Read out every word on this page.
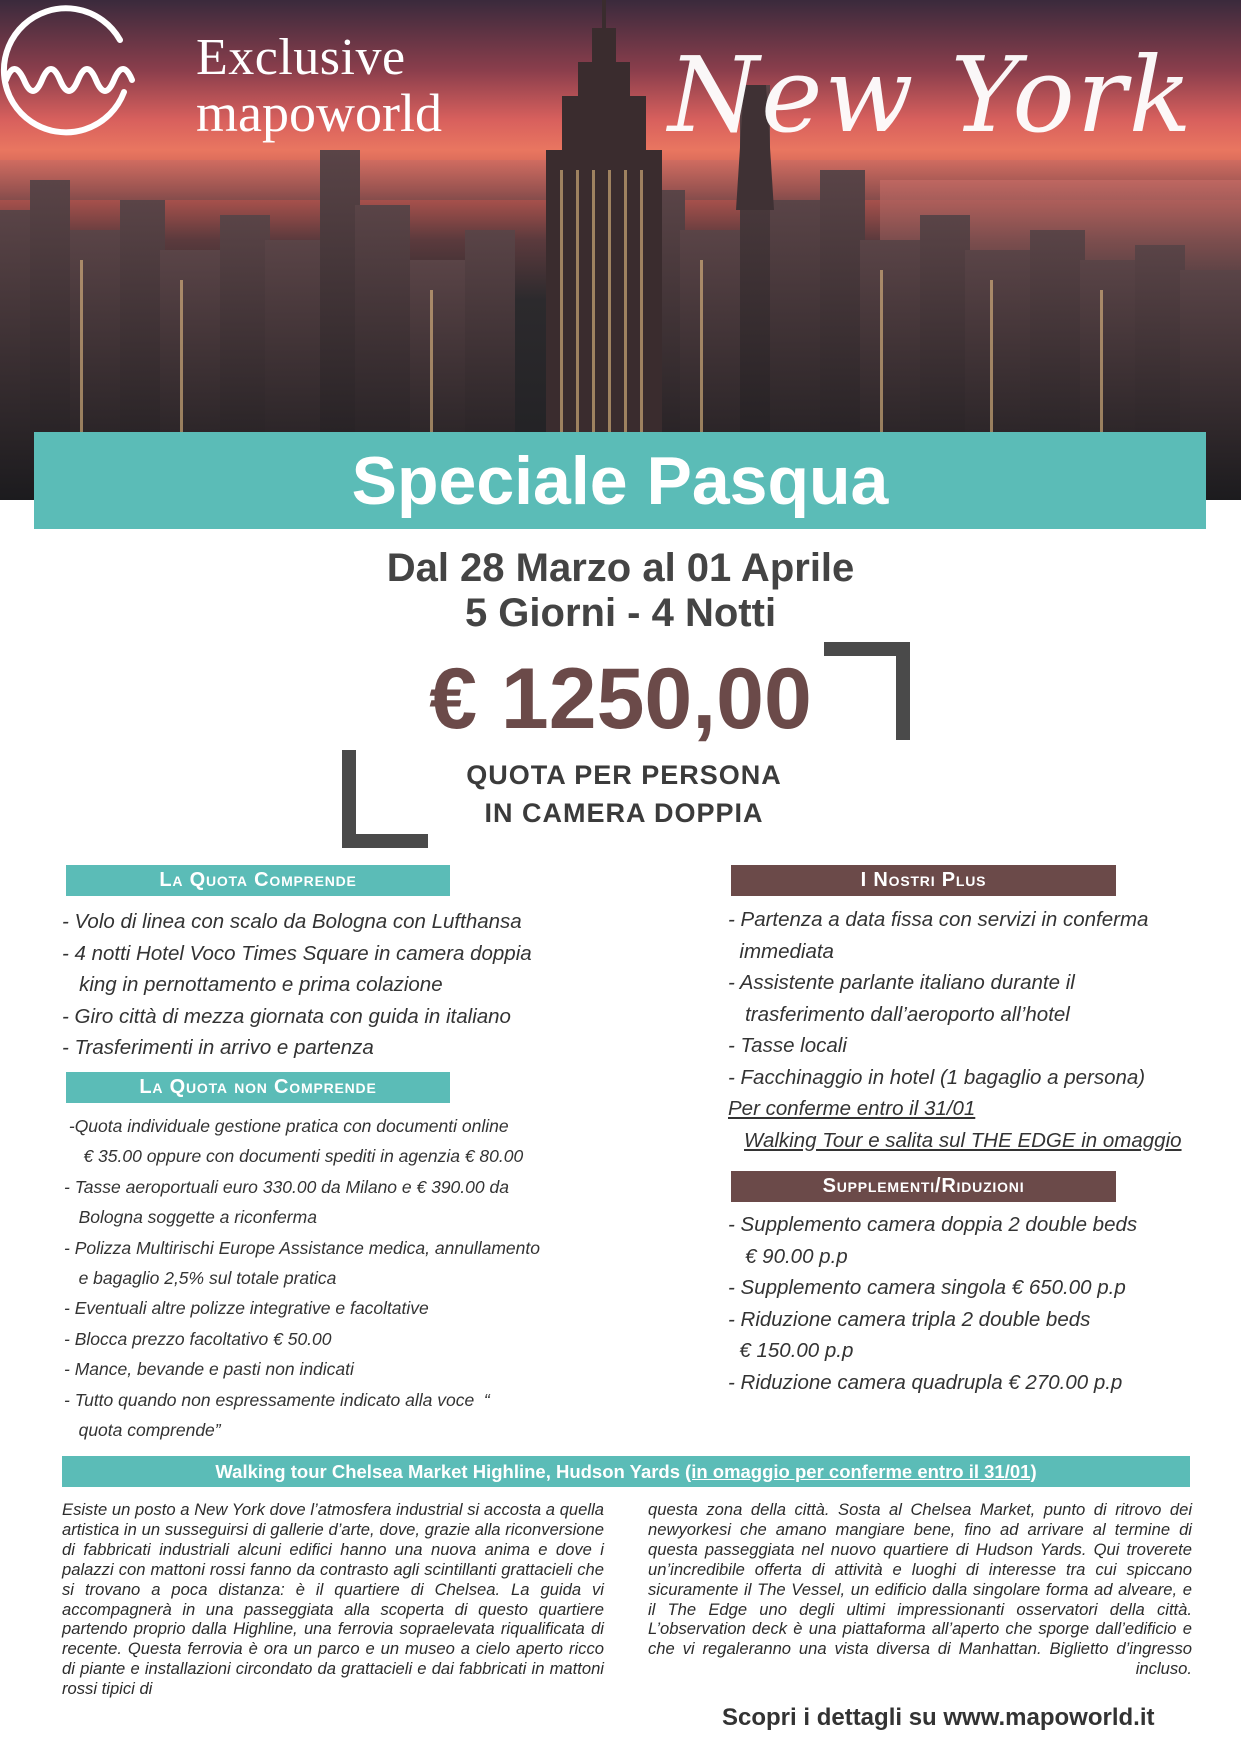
Exclusive
mapoworld New York
Speciale Pasqua
Dal 28 Marzo al 01 Aprile
5 Giorni - 4 Notti
€ 1250,00
QUOTA PER PERSONA
IN CAMERA DOPPIA
La Quota Comprende
- Volo di linea con scalo da Bologna con Lufthansa
- 4 notti Hotel Voco Times Square in camera doppia
king in pernottamento e prima colazione
- Giro città di mezza giornata con guida in italiano
- Trasferimenti in arrivo e partenza
La Quota non Comprende
-Quota individuale gestione pratica con documenti online
€ 35.00 oppure con documenti spediti in agenzia € 80.00
- Tasse aeroportuali euro 330.00 da Milano e € 390.00 da
Bologna soggette a riconferma
- Polizza Multirischi Europe Assistance medica, annullamento
e bagaglio 2,5% sul totale pratica
- Eventuali altre polizze integrative e facoltative
- Blocca prezzo facoltativo € 50.00
- Mance, bevande e pasti non indicati
- Tutto quando non espressamente indicato alla voce  “
quota comprende”
I Nostri Plus
- Partenza a data fissa con servizi in conferma
immediata
- Assistente parlante italiano durante il
trasferimento dall’aeroporto all’hotel
- Tasse locali
- Facchinaggio in hotel (1 bagaglio a persona)
Per conferme entro il 31/01
Walking Tour e salita sul THE EDGE in omaggio
Supplementi/Riduzioni
- Supplemento camera doppia 2 double beds
€ 90.00 p.p
- Supplemento camera singola € 650.00 p.p
- Riduzione camera tripla 2 double beds
€ 150.00 p.p
- Riduzione camera quadrupla € 270.00 p.p
Walking tour Chelsea Market Highline, Hudson Yards (in omaggio per conferme entro il 31/01)

Esiste un posto a New York dove l’atmosfera industrial si accosta a quella artistica in un susseguirsi di gallerie d’arte, dove, grazie alla riconversione di fabbricati industriali alcuni edifici hanno una nuova anima e dove i palazzi con mattoni rossi fanno da contrasto agli scintillanti grattacieli che si trovano a poca distanza: è il quartiere di Chelsea. La guida vi accompagnerà in una passeggiata alla scoperta di questo quartiere partendo proprio dalla Highline, una ferrovia sopraelevata riqualificata di recente. Questa ferrovia è ora un parco e un museo a cielo aperto ricco di piante e installazioni circondato da grattacieli e dai fabbricati in mattoni rossi tipici di

questa zona della città. Sosta al Chelsea Market, punto di ritrovo dei newyorkesi che amano mangiare bene, fino ad arrivare al termine di questa passeggiata nel nuovo quartiere di Hudson Yards. Qui troverete un’incredibile offerta di attività e luoghi di interesse tra cui spiccano sicuramente il The Vessel, un edificio dalla singolare forma ad alveare, e il The Edge uno degli ultimi impressionanti osservatori della città. L’observation deck è una piattaforma all’aperto che sporge dall’edificio e che vi regaleranno una vista diversa di Manhattan. Biglietto d’ingresso incluso.

Scopri i dettagli su www.mapoworld.it
